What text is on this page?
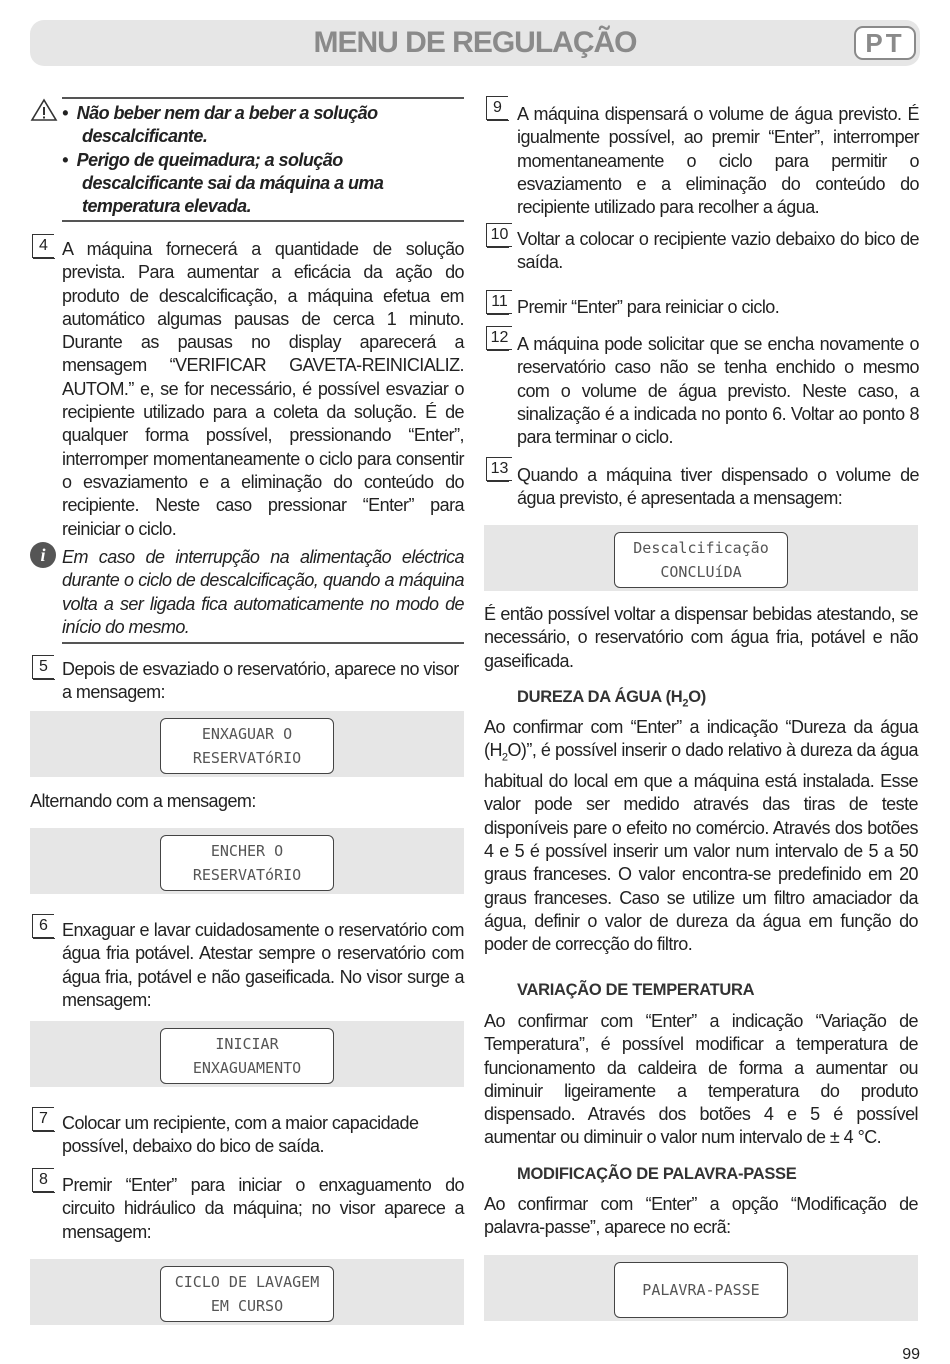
MENU DE REGULAÇÃO	PT
•  Não beber nem dar a beber a solução descalcificante.
•  Perigo de queimadura; a solução descalcificante sai da máquina a uma temperatura elevada.
4 A máquina fornecerá a quantidade de solução prevista. Para aumentar a eficácia da ação do produto de descalcificação, a máquina efetua em automático algumas pausas de cerca 1 minuto. Durante as pausas no display aparecerá a mensagem “VERIFICAR GAVETA-REINICIALIZ. AUTOM.” e, se for necessário, é possível esvaziar o recipiente utilizado para a coleta da solução. É de qualquer forma possível, pressionando “Enter”, interromper momentaneamente o ciclo para consentir o esvaziamento e a eliminação do conteúdo do recipiente. Neste caso pressionar “Enter” para reiniciar o ciclo.
i Em caso de interrupção na alimentação eléctrica durante o ciclo de descalcificação, quando a máquina volta a ser ligada fica automaticamente no modo de início do mesmo.
5 Depois de esvaziado o reservatório, aparece no visor a mensagem:
ENXAGUAR O
RESERVATóRIO
Alternando com a mensagem:
ENCHER O
RESERVATóRIO
6 Enxaguar e lavar cuidadosamente o reservatório com água fria potável. Atestar sempre o reservatório com água fria, potável e não gaseificada. No visor surge a mensagem:
INICIAR
ENXAGUAMENTO
7 Colocar um recipiente, com a maior capacidade possível, debaixo do bico de saída.
8 Premir “Enter” para iniciar o enxaguamento do circuito hidráulico da máquina; no visor aparece a mensagem:
CICLO DE LAVAGEM
EM CURSO
9 A máquina dispensará o volume de água previsto. É igualmente possível, ao premir “Enter”, interromper momentaneamente o ciclo para permitir o esvaziamento e a eliminação do conteúdo do recipiente utilizado para recolher a água.
10 Voltar a colocar o recipiente vazio debaixo do bico de saída.
11 Premir “Enter” para reiniciar o ciclo.
12 A máquina pode solicitar que se encha novamente o reservatório caso não se tenha enchido o mesmo com o volume de água previsto. Neste caso, a sinalização é a indicada no ponto 6. Voltar ao ponto 8 para terminar o ciclo.
13 Quando a máquina tiver dispensado o volume de água previsto, é apresentada a mensagem:
Descalcificação
CONCLUíDA
É então possível voltar a dispensar bebidas atestando, se necessário, o reservatório com água fria, potável e não gaseificada.
DUREZA DA ÁGUA $(H_2O)$
Ao confirmar com “Enter” a indicação “Dureza da água $(H_2O)$”, é possível inserir o dado relativo à dureza da água habitual do local em que a máquina está instalada. Esse valor pode ser medido através das tiras de teste disponíveis pare o efeito no comércio. Através dos botões 4 e 5 é possível inserir um valor num intervalo de 5 a 50 graus franceses. O valor encontra-se predefinido em 20 graus franceses. Caso se utilize um filtro amaciador da água, definir o valor de dureza da água em função do poder de correcção do filtro.
VARIAÇÃO DE TEMPERATURA
Ao confirmar com “Enter” a indicação “Variação de Temperatura”, é possível modificar a temperatura de funcionamento da caldeira de forma a aumentar ou diminuir ligeiramente a temperatura do produto dispensado. Através dos botões 4 e 5 é possível aumentar ou diminuir o valor num intervalo de ± 4 °C.
MODIFICAÇÃO DE PALAVRA-PASSE
Ao confirmar com “Enter” a opção “Modificação de palavra-passe”, aparece no ecrã:
PALAVRA-PASSE
99
